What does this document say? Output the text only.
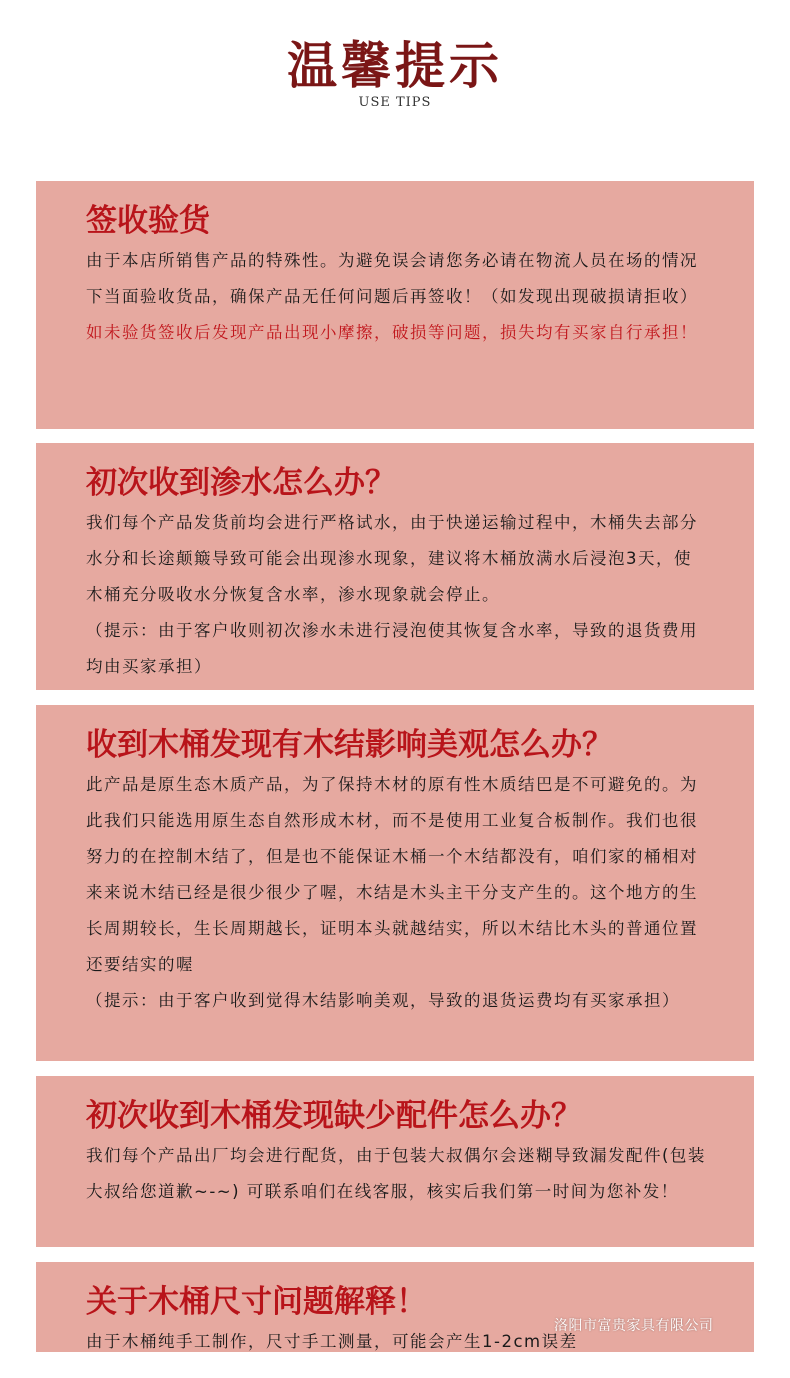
温馨提示
USE TIPS
签收验货
由于本店所销售产品的特殊性。为避免误会请您务必请在物流人员在场的情况下当面验收货品，确保产品无任何问题后再签收！（如发现出现破损请拒收）
如未验货签收后发现产品出现小摩擦，破损等问题，损失均有买家自行承担！
初次收到渗水怎么办？
我们每个产品发货前均会进行严格试水，由于快递运输过程中，木桶失去部分水分和长途颠簸导致可能会出现渗水现象，建议将木桶放满水后浸泡3天，使木桶充分吸收水分恢复含水率，渗水现象就会停止。
（提示：由于客户收则初次渗水未进行浸泡使其恢复含水率，导致的退货费用均由买家承担）
收到木桶发现有木结影响美观怎么办？
此产品是原生态木质产品，为了保持木材的原有性木质结巴是不可避免的。为此我们只能选用原生态自然形成木材，而不是使用工业复合板制作。我们也很努力的在控制木结了，但是也不能保证木桶一个木结都没有，咱们家的桶相对来来说木结已经是很少很少了喔，木结是木头主干分支产生的。这个地方的生长周期较长，生长周期越长，证明本头就越结实，所以木结比木头的普通位置还要结实的喔
（提示：由于客户收到觉得木结影响美观，导致的退货运费均有买家承担）
初次收到木桶发现缺少配件怎么办？
我们每个产品出厂均会进行配货，由于包装大叔偶尔会迷糊导致漏发配件(包装大叔给您道歉~-~) 可联系咱们在线客服，核实后我们第一时间为您补发！
关于木桶尺寸问题解释！
由于木桶纯手工制作，尺寸手工测量，可能会产生1-2cm误差
洛阳市富贵家具有限公司
